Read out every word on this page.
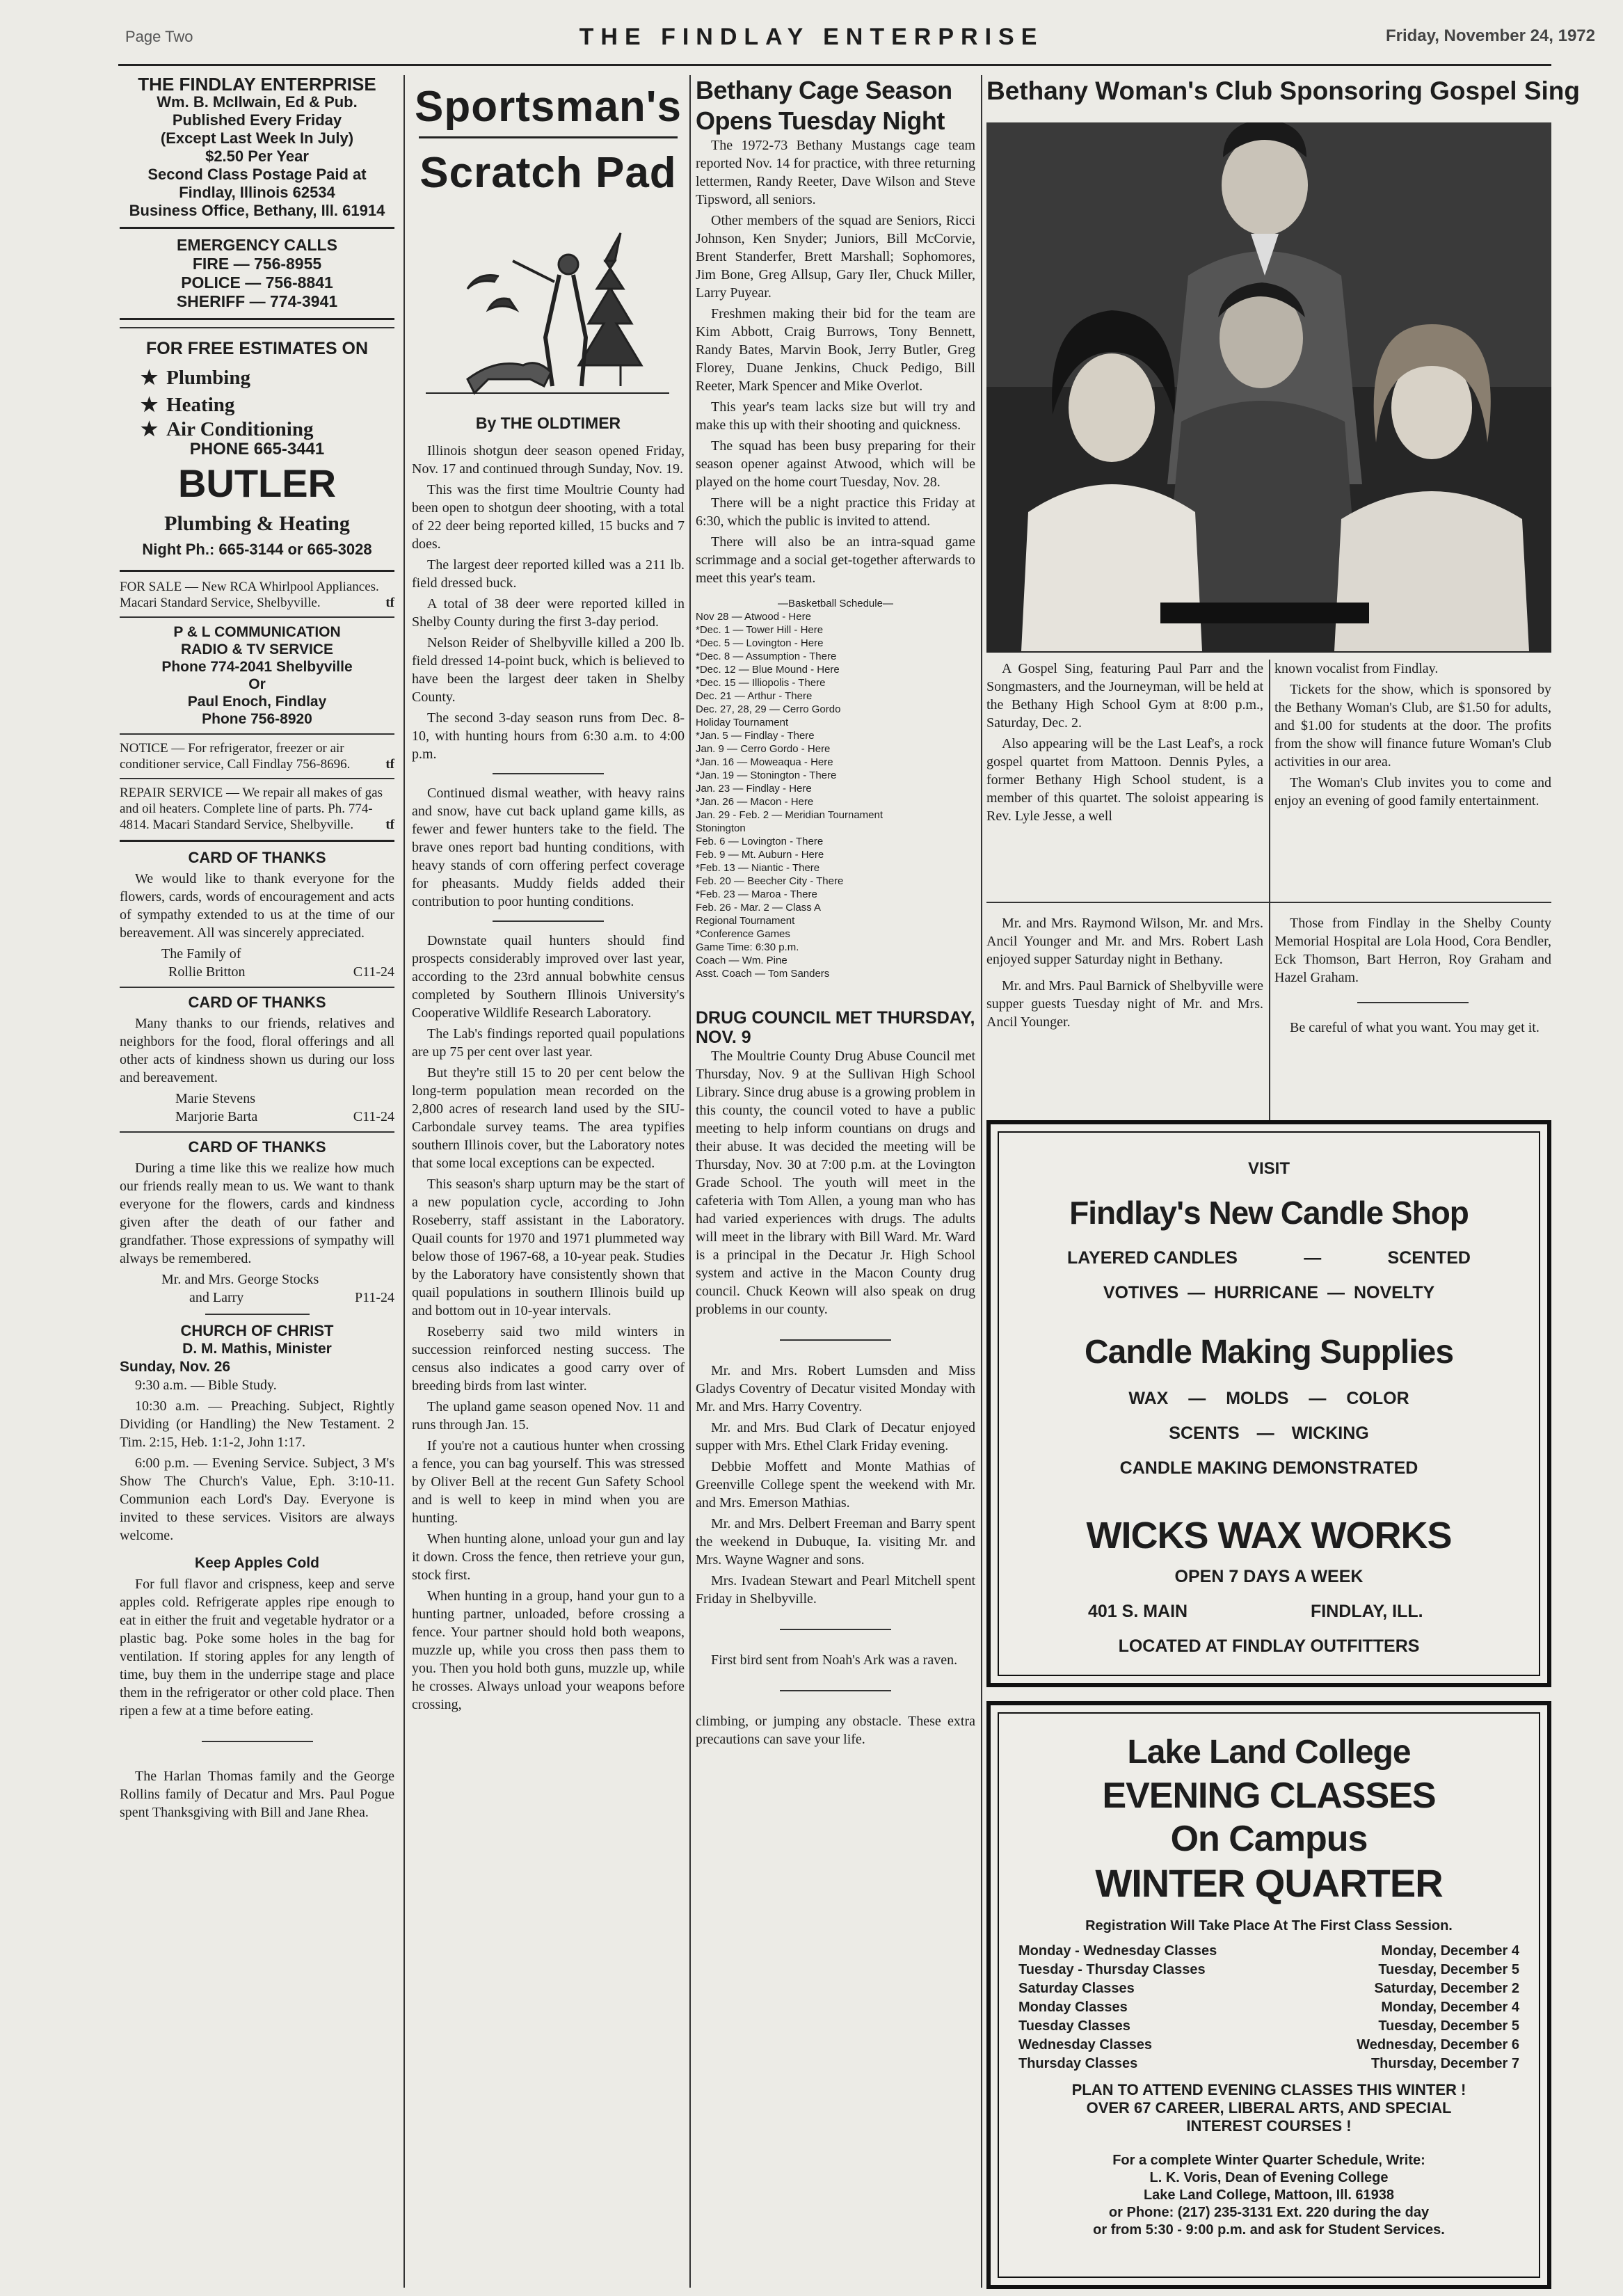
Page Two	THE FINDLAY ENTERPRISE	Friday, November 24, 1972
THE FINDLAY ENTERPRISE
Wm. B. McIlwain, Ed & Pub.
Published Every Friday
(Except Last Week In July)
$2.50 Per Year
Second Class Postage Paid at
Findlay, Illinois 62534
Business Office, Bethany, Ill. 61914
EMERGENCY CALLS
FIRE — 756-8955
POLICE — 756-8841
SHERIFF — 774-3941
FOR FREE ESTIMATES ON
★ Plumbing
★ Heating
★ Air Conditioning
PHONE 665-3441
BUTLER
Plumbing & Heating
Night Ph.: 665-3144 or 665-3028
FOR SALE — New RCA Whirlpool Appliances. Macari Standard Service, Shelbyville.	tf
P & L COMMUNICATION
RADIO & TV SERVICE
Phone 774-2041 Shelbyville
Or
Paul Enoch, Findlay
Phone 756-8920
NOTICE — For refrigerator, freezer or air conditioner service, Call Findlay 756-8696.	tf
REPAIR SERVICE — We repair all makes of gas and oil heaters. Complete line of parts. Ph. 774-4814. Macari Standard Service, Shelbyville. tf
CARD OF THANKS

We would like to thank everyone for the flowers, cards, words of encouragement and acts of sympathy extended to us at the time of our bereavement. All was sincerely appreciated.

The Family of
Rollie Britton	C11-24
CARD OF THANKS

Many thanks to our friends, relatives and neighbors for the food, floral offerings and all other acts of kindness shown us during our loss and bereavement.

Marie Stevens
Marjorie Barta	C11-24
CARD OF THANKS

During a time like this we realize how much our friends really mean to us. We want to thank everyone for the flowers, cards and kindness given after the death of our father and grandfather. Those expressions of sympathy will always be remembered.

Mr. and Mrs. George Stocks
and Larry	P11-24
CHURCH OF CHRIST
D. M. Mathis, Minister
Sunday, Nov. 26

9:30 a.m. — Bible Study.

10:30 a.m. — Preaching. Subject, Rightly Dividing (or Handling) the New Testament. 2 Tim. 2:15, Heb. 1:1-2, John 1:17.

6:00 p.m. — Evening Service. Subject, 3 M's Show The Church's Value, Eph. 3:10-11. Communion each Lord's Day. Everyone is invited to these services. Visitors are always welcome.

Keep Apples Cold

For full flavor and crispness, keep and serve apples cold. Refrigerate apples ripe enough to eat in either the fruit and vegetable hydrator or a plastic bag. Poke some holes in the bag for ventilation. If storing apples for any length of time, buy them in the underripe stage and place them in the refrigerator or other cold place. Then ripen a few at a time before eating.

The Harlan Thomas family and the George Rollins family of Decatur and Mrs. Paul Pogue spent Thanksgiving with Bill and Jane Rhea.

Sportsman's
Scratch Pad
By THE OLDTIMER

Illinois shotgun deer season opened Friday, Nov. 17 and continued through Sunday, Nov. 19.

This was the first time Moultrie County had been open to shotgun deer shooting, with a total of 22 deer being reported killed, 15 bucks and 7 does.

The largest deer reported killed was a 211 lb. field dressed buck.

A total of 38 deer were reported killed in Shelby County during the first 3-day period.

Nelson Reider of Shelbyville killed a 200 lb. field dressed 14-point buck, which is believed to have been the largest deer taken in Shelby County.

The second 3-day season runs from Dec. 8-10, with hunting hours from 6:30 a.m. to 4:00 p.m.

Continued dismal weather, with heavy rains and snow, have cut back upland game kills, as fewer and fewer hunters take to the field. The brave ones report bad hunting conditions, with heavy stands of corn offering perfect coverage for pheasants. Muddy fields added their contribution to poor hunting conditions.

Downstate quail hunters should find prospects considerably improved over last year, according to the 23rd annual bobwhite census completed by Southern Illinois University's Cooperative Wildlife Research Laboratory.

The Lab's findings reported quail populations are up 75 per cent over last year.

But they're still 15 to 20 per cent below the long-term population mean recorded on the 2,800 acres of research land used by the SIU-Carbondale survey teams. The area typifies southern Illinois cover, but the Laboratory notes that some local exceptions can be expected.

This season's sharp upturn may be the start of a new population cycle, according to John Roseberry, staff assistant in the Laboratory. Quail counts for 1970 and 1971 plummeted way below those of 1967-68, a 10-year peak. Studies by the Laboratory have consistently shown that quail populations in southern Illinois build up and bottom out in 10-year intervals.

Roseberry said two mild winters in succession reinforced nesting success. The census also indicates a good carry over of breeding birds from last winter.

The upland game season opened Nov. 11 and runs through Jan. 15.

If you're not a cautious hunter when crossing a fence, you can bag yourself. This was stressed by Oliver Bell at the recent Gun Safety School and is well to keep in mind when you are hunting.

When hunting alone, unload your gun and lay it down. Cross the fence, then retrieve your gun, stock first.

When hunting in a group, hand your gun to a hunting partner, unloaded, before crossing a fence. Your partner should hold both weapons, muzzle up, while you cross then pass them to you. Then you hold both guns, muzzle up, while he crosses. Always unload your weapons before crossing,

Bethany Cage Season Opens Tuesday Night

The 1972-73 Bethany Mustangs cage team reported Nov. 14 for practice, with three returning lettermen, Randy Reeter, Dave Wilson and Steve Tipsword, all seniors.

Other members of the squad are Seniors, Ricci Johnson, Ken Snyder; Juniors, Bill McCorvie, Brent Standerfer, Brett Marshall; Sophomores, Jim Bone, Greg Allsup, Gary Iler, Chuck Miller, Larry Puyear.

Freshmen making their bid for the team are Kim Abbott, Craig Burrows, Tony Bennett, Randy Bates, Marvin Book, Jerry Butler, Greg Florey, Duane Jenkins, Chuck Pedigo, Bill Reeter, Mark Spencer and Mike Overlot.

This year's team lacks size but will try and make this up with their shooting and quickness.

The squad has been busy preparing for their season opener against Atwood, which will be played on the home court Tuesday, Nov. 28.

There will be a night practice this Friday at 6:30, which the public is invited to attend.

There will also be an intra-squad game scrimmage and a social get-together afterwards to meet this year's team.

—Basketball Schedule—
Nov 28 — Atwood - Here
*Dec. 1 — Tower Hill - Here
*Dec. 5 — Lovington - Here
*Dec. 8 — Assumption - There
*Dec. 12 — Blue Mound - Here
*Dec. 15 — Illiopolis - There
Dec. 21 — Arthur - There
Dec. 27, 28, 29 — Cerro Gordo
Holiday Tournament
*Jan. 5 — Findlay - There
Jan. 9 — Cerro Gordo - Here
*Jan. 16 — Moweaqua - Here
*Jan. 19 — Stonington - There
Jan. 23 — Findlay - Here
*Jan. 26 — Macon - Here
Jan. 29 - Feb. 2 — Meridian Tournament
Stonington
Feb. 6 — Lovington - There
Feb. 9 — Mt. Auburn - Here
*Feb. 13 — Niantic - There
Feb. 20 — Beecher City - There
*Feb. 23 — Maroa - There
Feb. 26 - Mar. 2 — Class A
Regional Tournament
*Conference Games
Game Time: 6:30 p.m.
Coach — Wm. Pine
Asst. Coach — Tom Sanders
DRUG COUNCIL MET THURSDAY, NOV. 9

The Moultrie County Drug Abuse Council met Thursday, Nov. 9 at the Sullivan High School Library. Since drug abuse is a growing problem in this county, the council voted to have a public meeting to help inform countians on drugs and their abuse. It was decided the meeting will be Thursday, Nov. 30 at 7:00 p.m. at the Lovington Grade School. The youth will meet in the cafeteria with Tom Allen, a young man who has had varied experiences with drugs. The adults will meet in the library with Bill Ward. Mr. Ward is a principal in the Decatur Jr. High School system and active in the Macon County drug council. Chuck Keown will also speak on drug problems in our county.

Mr. and Mrs. Robert Lumsden and Miss Gladys Coventry of Decatur visited Monday with Mr. and Mrs. Harry Coventry.

Mr. and Mrs. Bud Clark of Decatur enjoyed supper with Mrs. Ethel Clark Friday evening.

Debbie Moffett and Monte Mathias of Greenville College spent the weekend with Mr. and Mrs. Emerson Mathias.

Mr. and Mrs. Delbert Freeman and Barry spent the weekend in Dubuque, Ia. visiting Mr. and Mrs. Wayne Wagner and sons.

Mrs. Ivadean Stewart and Pearl Mitchell spent Friday in Shelbyville.

First bird sent from Noah's Ark was a raven.

climbing, or jumping any obstacle. These extra precautions can save your life.

Bethany Woman's Club Sponsoring Gospel Sing

A Gospel Sing, featuring Paul Parr and the Songmasters, and the Journeyman, will be held at the Bethany High School Gym at 8:00 p.m., Saturday, Dec. 2.

Also appearing will be the Last Leaf's, a rock gospel quartet from Mattoon. Dennis Pyles, a former Bethany High School student, is a member of this quartet. The soloist appearing is Rev. Lyle Jesse, a well

known vocalist from Findlay.

Tickets for the show, which is sponsored by the Bethany Woman's Club, are $1.50 for adults, and $1.00 for students at the door. The profits from the show will finance future Woman's Club activities in our area.

The Woman's Club invites you to come and enjoy an evening of good family entertainment.

Mr. and Mrs. Raymond Wilson, Mr. and Mrs. Ancil Younger and Mr. and Mrs. Robert Lash enjoyed supper Saturday night in Bethany.

Mr. and Mrs. Paul Barnick of Shelbyville were supper guests Tuesday night of Mr. and Mrs. Ancil Younger.

Those from Findlay in the Shelby County Memorial Hospital are Lola Hood, Cora Bendler, Eck Thomson, Bart Herron, Roy Graham and Hazel Graham.

Be careful of what you want. You may get it.

VISIT
Findlay's New Candle Shop
LAYERED CANDLES	—	SCENTED
VOTIVES — HURRICANE — NOVELTY
Candle Making Supplies
WAX — MOLDS — COLOR
SCENTS — WICKING
CANDLE MAKING DEMONSTRATED
WICKS WAX WORKS
OPEN 7 DAYS A WEEK
401 S. MAIN	FINDLAY, ILL.
LOCATED AT FINDLAY OUTFITTERS
Lake Land College
EVENING CLASSES
On Campus
WINTER QUARTER
Registration Will Take Place At The First Class Session.
Monday - Wednesday Classes	Monday, December 4
Tuesday - Thursday Classes	Tuesday, December 5
Saturday Classes	Saturday, December 2
Monday Classes	Monday, December 4
Tuesday Classes	Tuesday, December 5
Wednesday Classes	Wednesday, December 6
Thursday Classes	Thursday, December 7
PLAN TO ATTEND EVENING CLASSES THIS WINTER !
OVER 67 CAREER, LIBERAL ARTS, AND SPECIAL
INTEREST COURSES !
For a complete Winter Quarter Schedule, Write:
L. K. Voris, Dean of Evening College
Lake Land College, Mattoon, Ill. 61938
or Phone: (217) 235-3131 Ext. 220 during the day
or from 5:30 - 9:00 p.m. and ask for Student Services.
